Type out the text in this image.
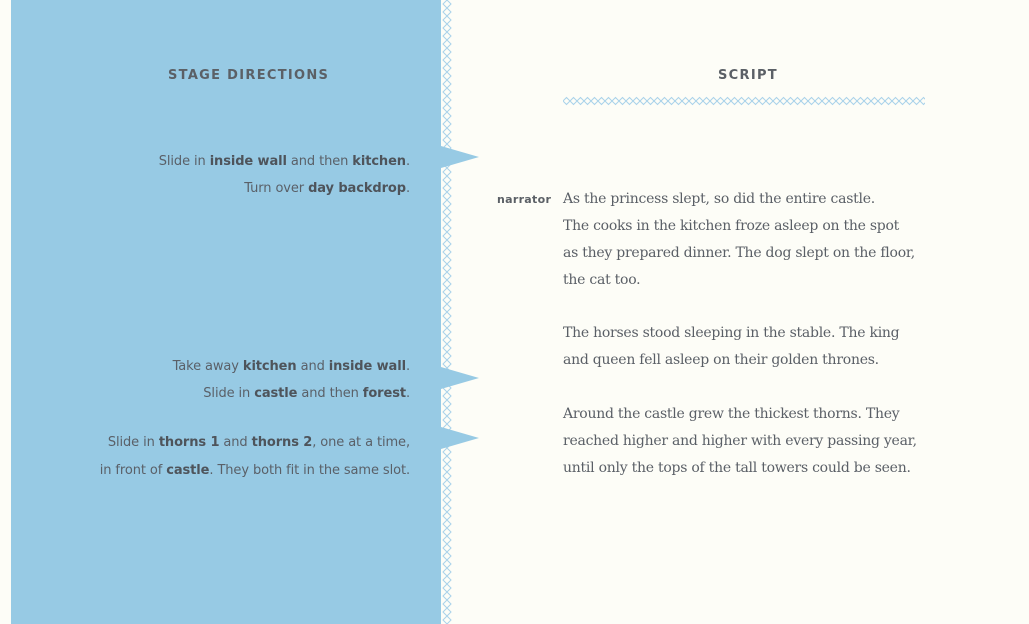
STAGE DIRECTIONS	SCRIPT
Slide in inside wall and then kitchen.
Turn over day backdrop.
Take away kitchen and inside wall.
Slide in castle and then forest.
Slide in thorns 1 and thorns 2, one at a time,
in front of castle. They both fit in the same slot.
narrator As the princess slept, so did the entire castle.
The cooks in the kitchen froze asleep on the spot
as they prepared dinner. The dog slept on the floor,
the cat too.
The horses stood sleeping in the stable. The king
and queen fell asleep on their golden thrones.
Around the castle grew the thickest thorns. They
reached higher and higher with every passing year,
until only the tops of the tall towers could be seen.
